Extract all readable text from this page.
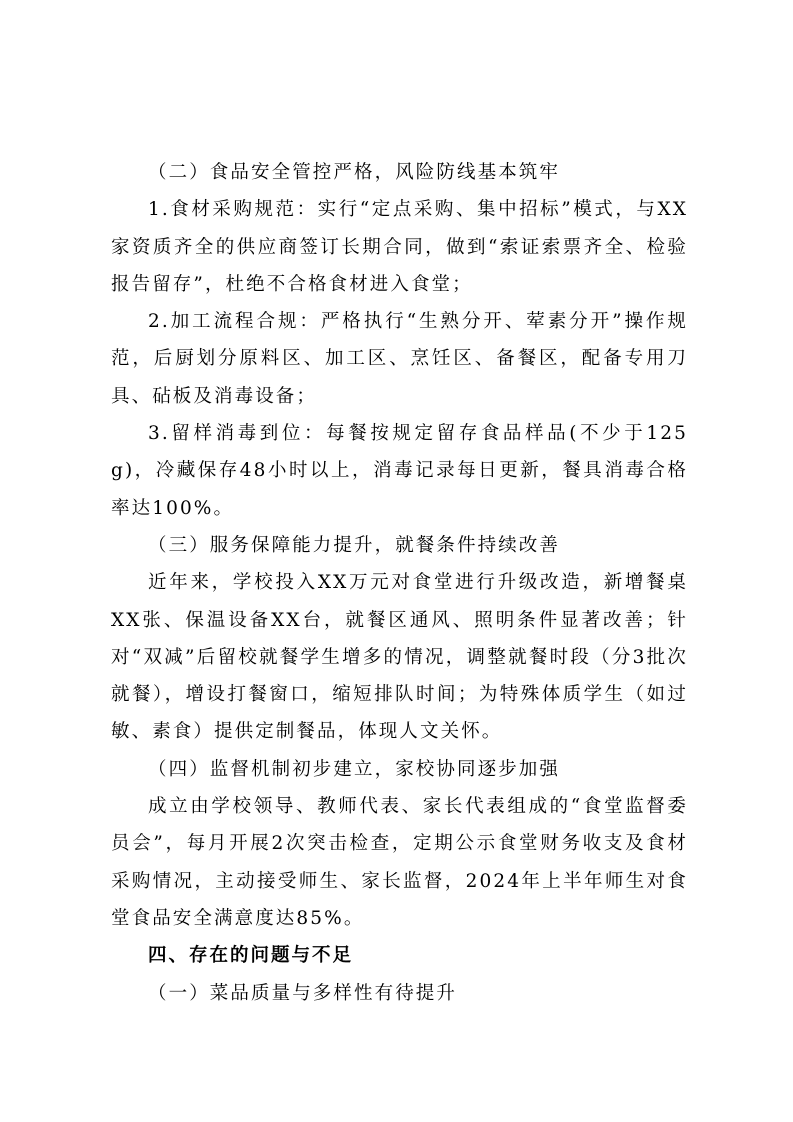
（二）食品安全管控严格，风险防线基本筑牢

1.食材采购规范：实行“定点采购、集中招标”模式，与XX家资质齐全的供应商签订长期合同，做到“索证索票齐全、检验报告留存”，杜绝不合格食材进入食堂；

2.加工流程合规：严格执行“生熟分开、荤素分开”操作规范，后厨划分原料区、加工区、烹饪区、备餐区，配备专用刀具、砧板及消毒设备；

3.留样消毒到位：每餐按规定留存食品样品(不少于125g)，冷藏保存48小时以上，消毒记录每日更新，餐具消毒合格率达100%。

（三）服务保障能力提升，就餐条件持续改善

近年来，学校投入XX万元对食堂进行升级改造，新增餐桌XX张、保温设备XX台，就餐区通风、照明条件显著改善；针对“双减”后留校就餐学生增多的情况，调整就餐时段（分3批次就餐），增设打餐窗口，缩短排队时间；为特殊体质学生（如过敏、素食）提供定制餐品，体现人文关怀。

（四）监督机制初步建立，家校协同逐步加强

成立由学校领导、教师代表、家长代表组成的“食堂监督委员会”，每月开展2次突击检查，定期公示食堂财务收支及食材采购情况，主动接受师生、家长监督，2024年上半年师生对食堂食品安全满意度达85%。

四、存在的问题与不足

（一）菜品质量与多样性有待提升
